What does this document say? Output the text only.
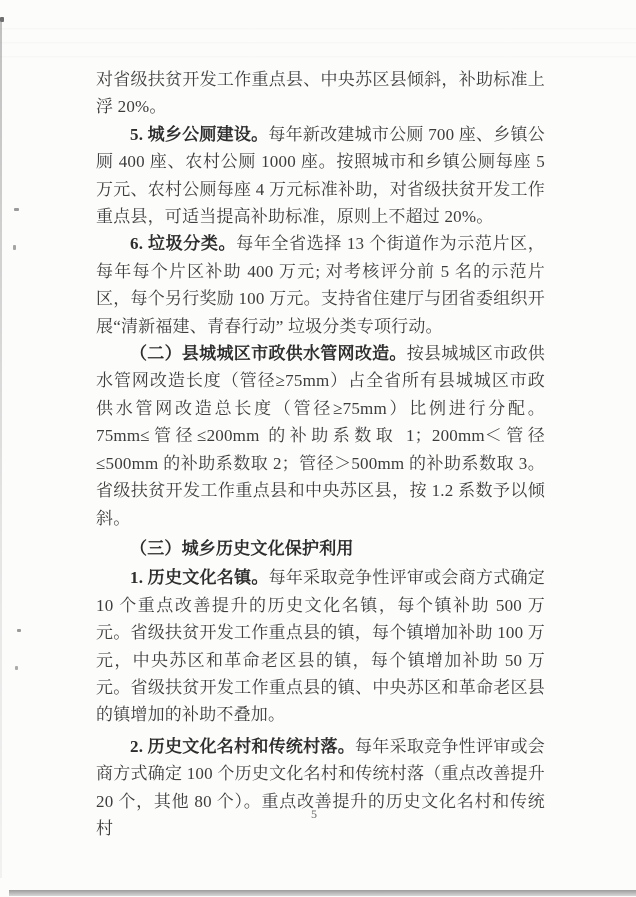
对省级扶贫开发工作重点县、中央苏区县倾斜，补助标准上浮 20%。

5. 城乡公厕建设。每年新改建城市公厕 700 座、乡镇公厕 400 座、农村公厕 1000 座。按照城市和乡镇公厕每座 5 万元、农村公厕每座 4 万元标准补助，对省级扶贫开发工作重点县，可适当提高补助标准，原则上不超过 20%。

6. 垃圾分类。每年全省选择 13 个街道作为示范片区，每年每个片区补助 400 万元; 对考核评分前 5 名的示范片区，每个另行奖励 100 万元。支持省住建厅与团省委组织开展“清新福建、青春行动” 垃圾分类专项行动。

（二）县城城区市政供水管网改造。按县城城区市政供水管网改造长度（管径≥75mm）占全省所有县城城区市政供水管网改造总长度（管径≥75mm）比例进行分配。75mm≤管径≤200mm 的补助系数取 1；200mm＜管径≤500mm 的补助系数取 2；管径＞500mm 的补助系数取 3。省级扶贫开发工作重点县和中央苏区县，按 1.2 系数予以倾斜。

（三）城乡历史文化保护利用

1. 历史文化名镇。每年采取竞争性评审或会商方式确定 10 个重点改善提升的历史文化名镇，每个镇补助 500 万元。省级扶贫开发工作重点县的镇，每个镇增加补助 100 万元，中央苏区和革命老区县的镇，每个镇增加补助 50 万元。省级扶贫开发工作重点县的镇、中央苏区和革命老区县的镇增加的补助不叠加。

2. 历史文化名村和传统村落。每年采取竞争性评审或会商方式确定 100 个历史文化名村和传统村落（重点改善提升 20 个，其他 80 个）。重点改善提升的历史文化名村和传统村

5
